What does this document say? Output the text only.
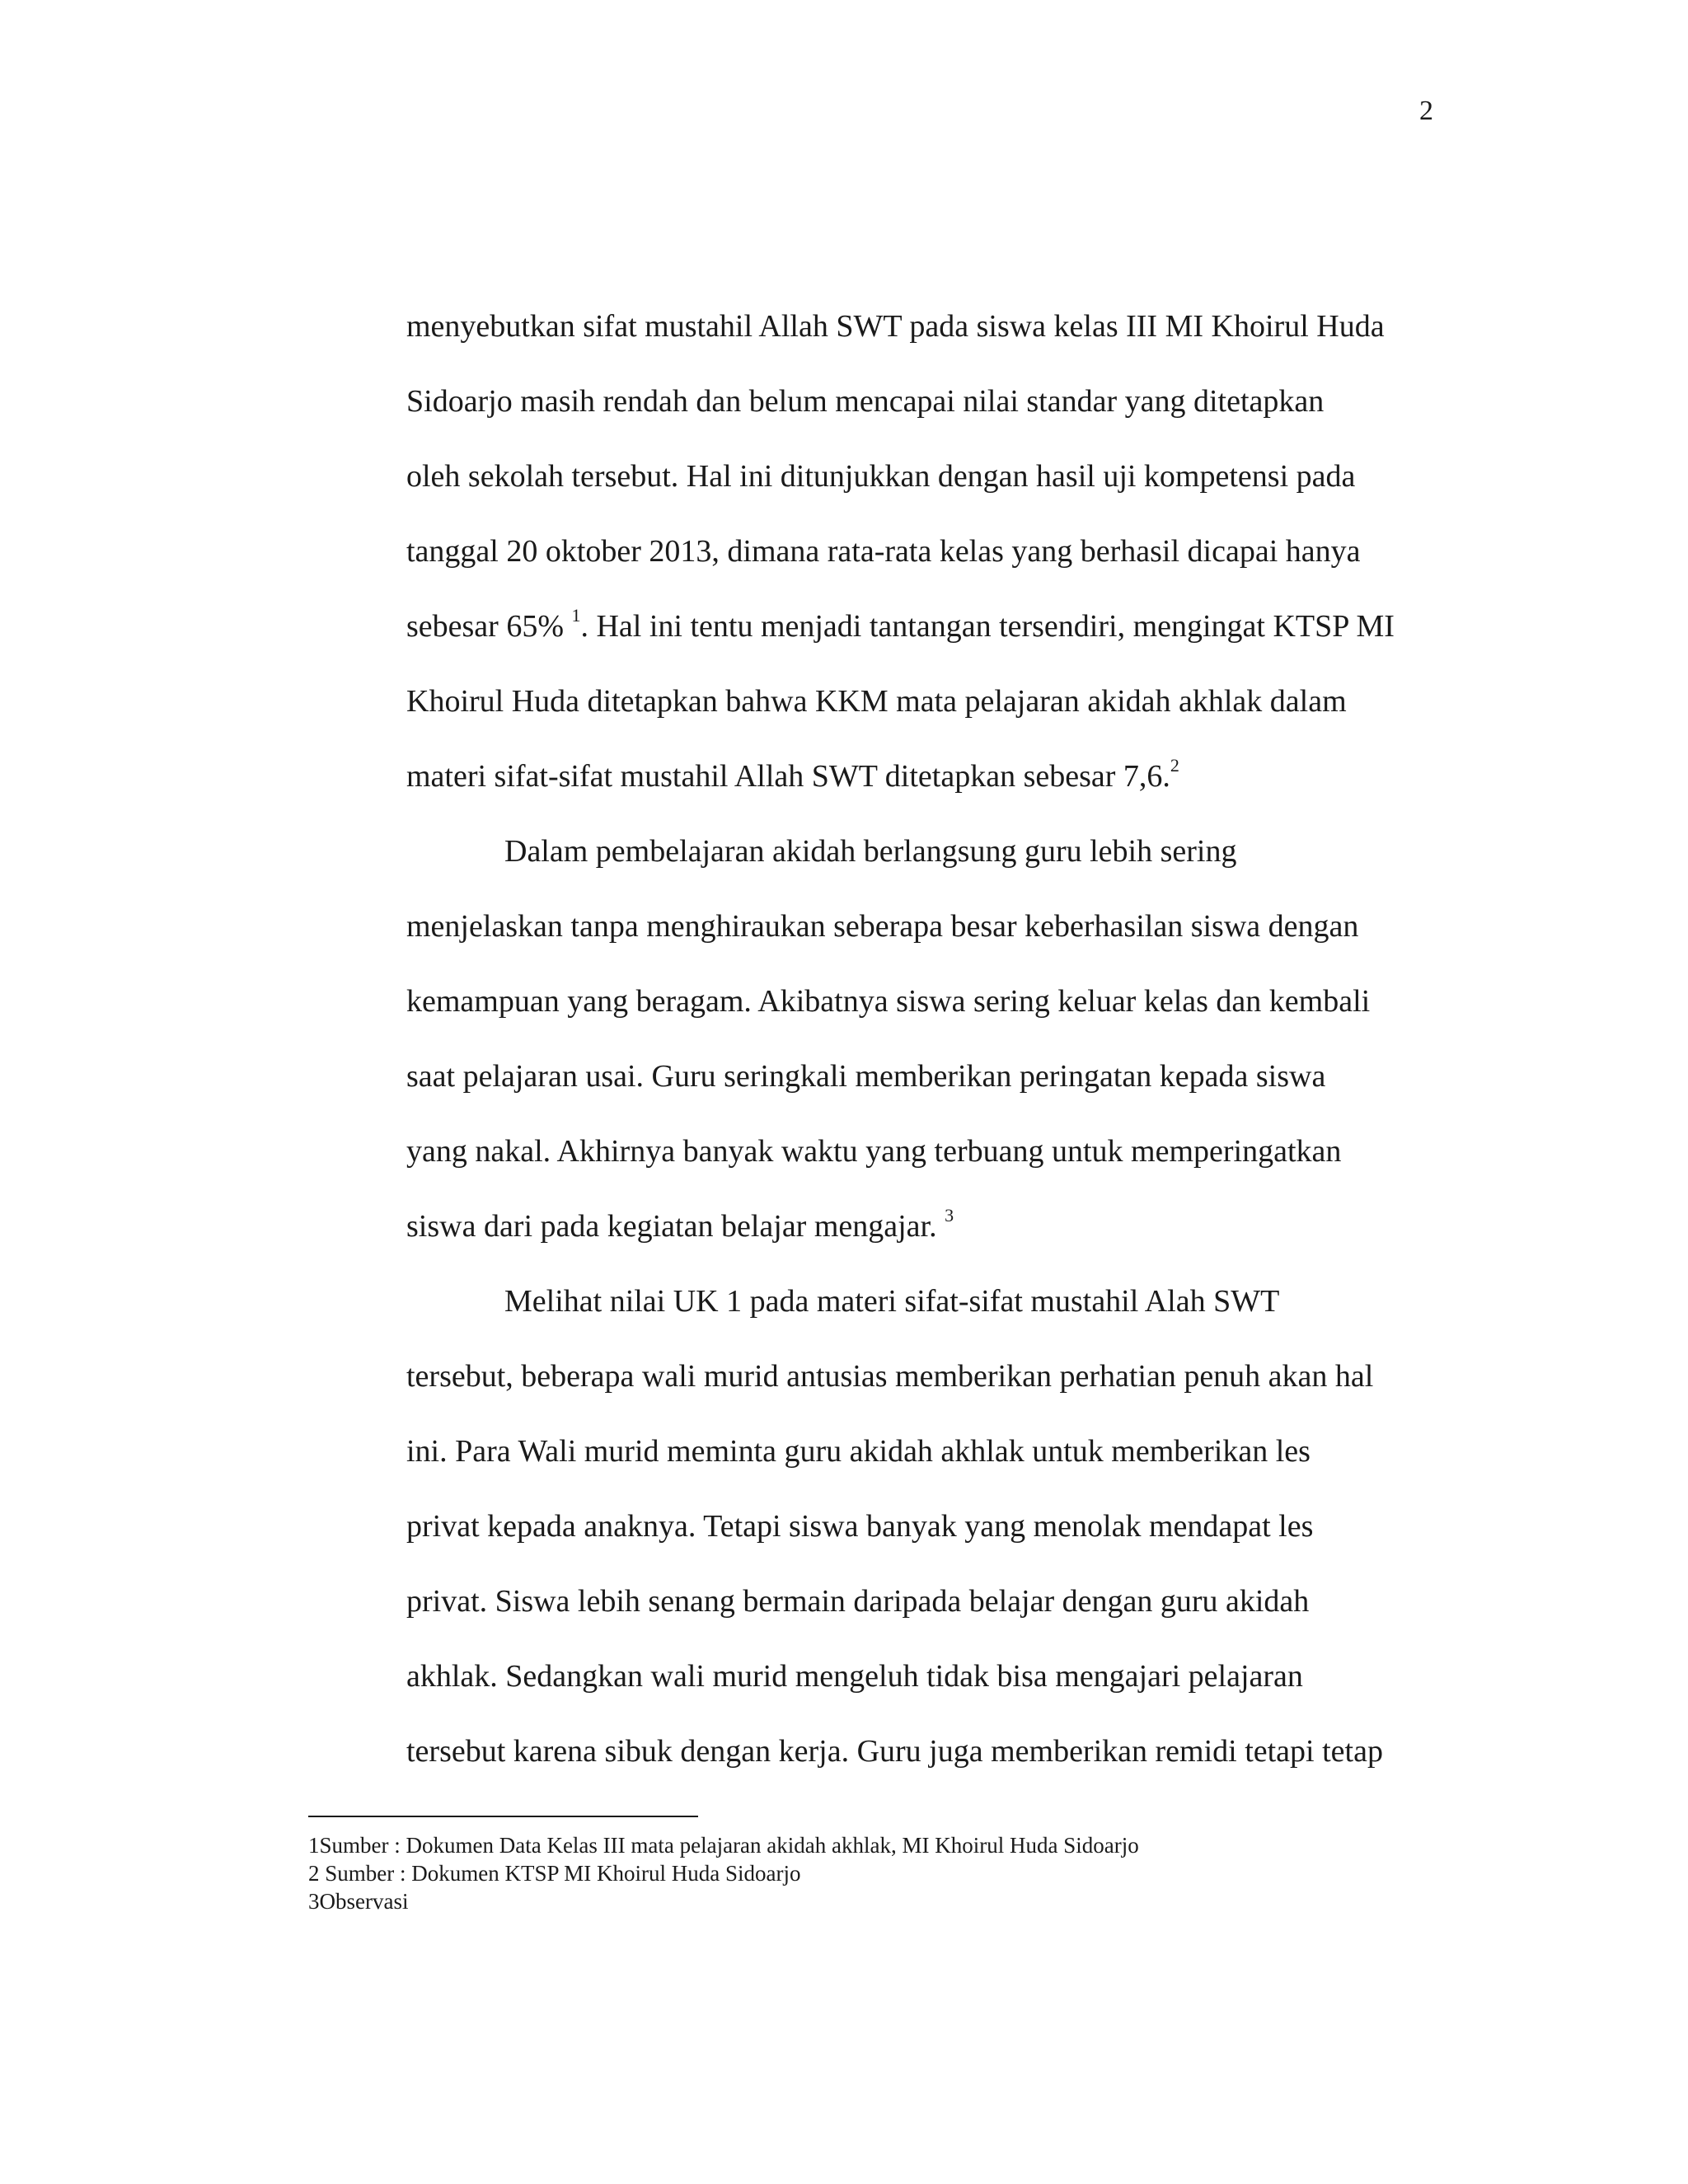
2
menyebutkan sifat mustahil Allah SWT pada siswa kelas III MI Khoirul Huda
Sidoarjo masih rendah dan belum mencapai nilai standar yang ditetapkan
oleh sekolah tersebut. Hal ini ditunjukkan dengan hasil uji kompetensi pada
tanggal 20 oktober 2013, dimana rata-rata kelas yang berhasil dicapai hanya
sebesar 65% $^1$. Hal ini tentu menjadi tantangan tersendiri, mengingat KTSP MI
Khoirul Huda ditetapkan bahwa KKM mata pelajaran akidah akhlak dalam
materi sifat-sifat mustahil Allah SWT ditetapkan sebesar 7,6.$^2$
Dalam pembelajaran akidah berlangsung guru lebih sering
menjelaskan tanpa menghiraukan seberapa besar keberhasilan siswa dengan
kemampuan yang beragam. Akibatnya siswa sering keluar kelas dan kembali
saat pelajaran usai. Guru seringkali memberikan peringatan kepada siswa
yang nakal. Akhirnya banyak waktu yang terbuang untuk memperingatkan
siswa dari pada kegiatan belajar mengajar. $^3$
Melihat nilai UK 1 pada materi sifat-sifat mustahil Alah SWT
tersebut, beberapa wali murid antusias memberikan perhatian penuh akan hal
ini. Para Wali murid meminta guru akidah akhlak untuk memberikan les
privat kepada anaknya. Tetapi siswa banyak yang menolak mendapat les
privat. Siswa lebih senang bermain daripada belajar dengan guru akidah
akhlak. Sedangkan wali murid mengeluh tidak bisa mengajari pelajaran
tersebut karena sibuk dengan kerja. Guru juga memberikan remidi tetapi tetap
1Sumber : Dokumen Data Kelas III mata pelajaran akidah akhlak, MI Khoirul Huda Sidoarjo
2 Sumber : Dokumen KTSP MI Khoirul Huda Sidoarjo
3Observasi
